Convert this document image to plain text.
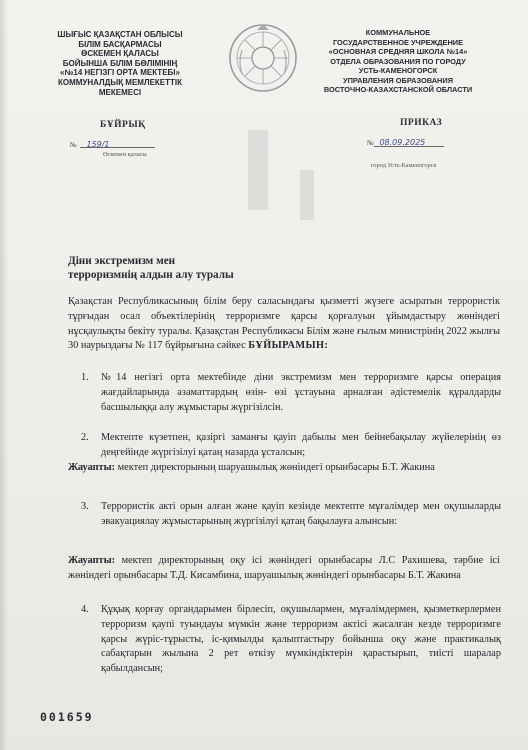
ШЫҒЫС ҚАЗАҚСТАН ОБЛЫСЫ
БІЛІМ БАСҚАРМАСЫ
ӨСКЕМЕН ҚАЛАСЫ
БОЙЫНША БІЛІМ БӨЛІМІНІҢ
«№14 НЕГІЗГІ ОРТА МЕКТЕБІ»
КОММУНАЛДЫҚ МЕМЛЕКЕТТІК
МЕКЕМЕСІ
КОММУНАЛЬНОЕ
ГОСУДАРСТВЕННОЕ УЧРЕЖДЕНИЕ
«ОСНОВНАЯ СРЕДНЯЯ ШКОЛА №14»
ОТДЕЛА ОБРАЗОВАНИЯ ПО ГОРОДУ
УСТЬ-КАМЕНОГОРСК
УПРАВЛЕНИЯ ОБРАЗОВАНИЯ
ВОСТОЧНО-КАЗАХСТАНСКОЙ ОБЛАСТИ
БҰЙРЫҚ	ПРИКАЗ
№ 159/1	№ 08.09.2025
Өскемен қаласы
город Усть-Каменогорск
Діни экстремизм мен
терроризмнің алдын алу туралы
Қазақстан Республикасының білім беру саласындағы қызметті жүзеге асыратын террористік тұрғыдан осал объектілерінің терроризмге қарсы қорғалуын ұйымдастыру жөніндегі нұсқаулықты бекіту туралы. Қазақстан Республикасы Білім және ғылым министрінің 2022 жылғы 30 наурыздағы № 117 бұйрығына сәйкес БҰЙЫРАМЫН:
1. №14 негізгі орта мектебінде діни экстремизм мен терроризмге қарсы операция жағдайларында азаматтардың өзін- өзі ұстауына арналған әдістемелік құралдарды басшылыққа алу жұмыстары жүргізілсін.
2. Мектепте күзетпен, қазіргі заманғы қауіп дабылы мен бейнебақылау жүйелерінің өз деңгейінде жүргізілуі қатаң назарда ұсталсын;
Жауапты: мектеп директорының шаруашылық жөніндегі орынбасары Б.Т. Жакина
3. Террористік акті орын алған және қауіп кезінде мектепте мұғалімдер мен оқушыларды эвакуациялау жұмыстарының жүргізілуі қатаң бақылауға алынсын:
Жауапты: мектеп директорының оқу ісі жөніндегі орынбасары Л.С Рахишева, тәрбие ісі жөніндегі орынбасары Т.Д. Кисамбина, шаруашылық жөніндегі орынбасары Б.Т. Жакина
4. Құқық қорғау органдарымен бірлесіп, оқушылармен, мұғалімдермен, қызметкерлермен терроризм қаупі туындауы мүмкін және терроризм актісі жасалған кезде терроризмге қарсы жүріс-тұрысты, іс-қимылды қалыптастыру бойынша оқу және практикалық сабақтарын жылына 2 рет өткізу мүмкіндіктерін қарастырып, тиісті шаралар қабылдансын;
001659
